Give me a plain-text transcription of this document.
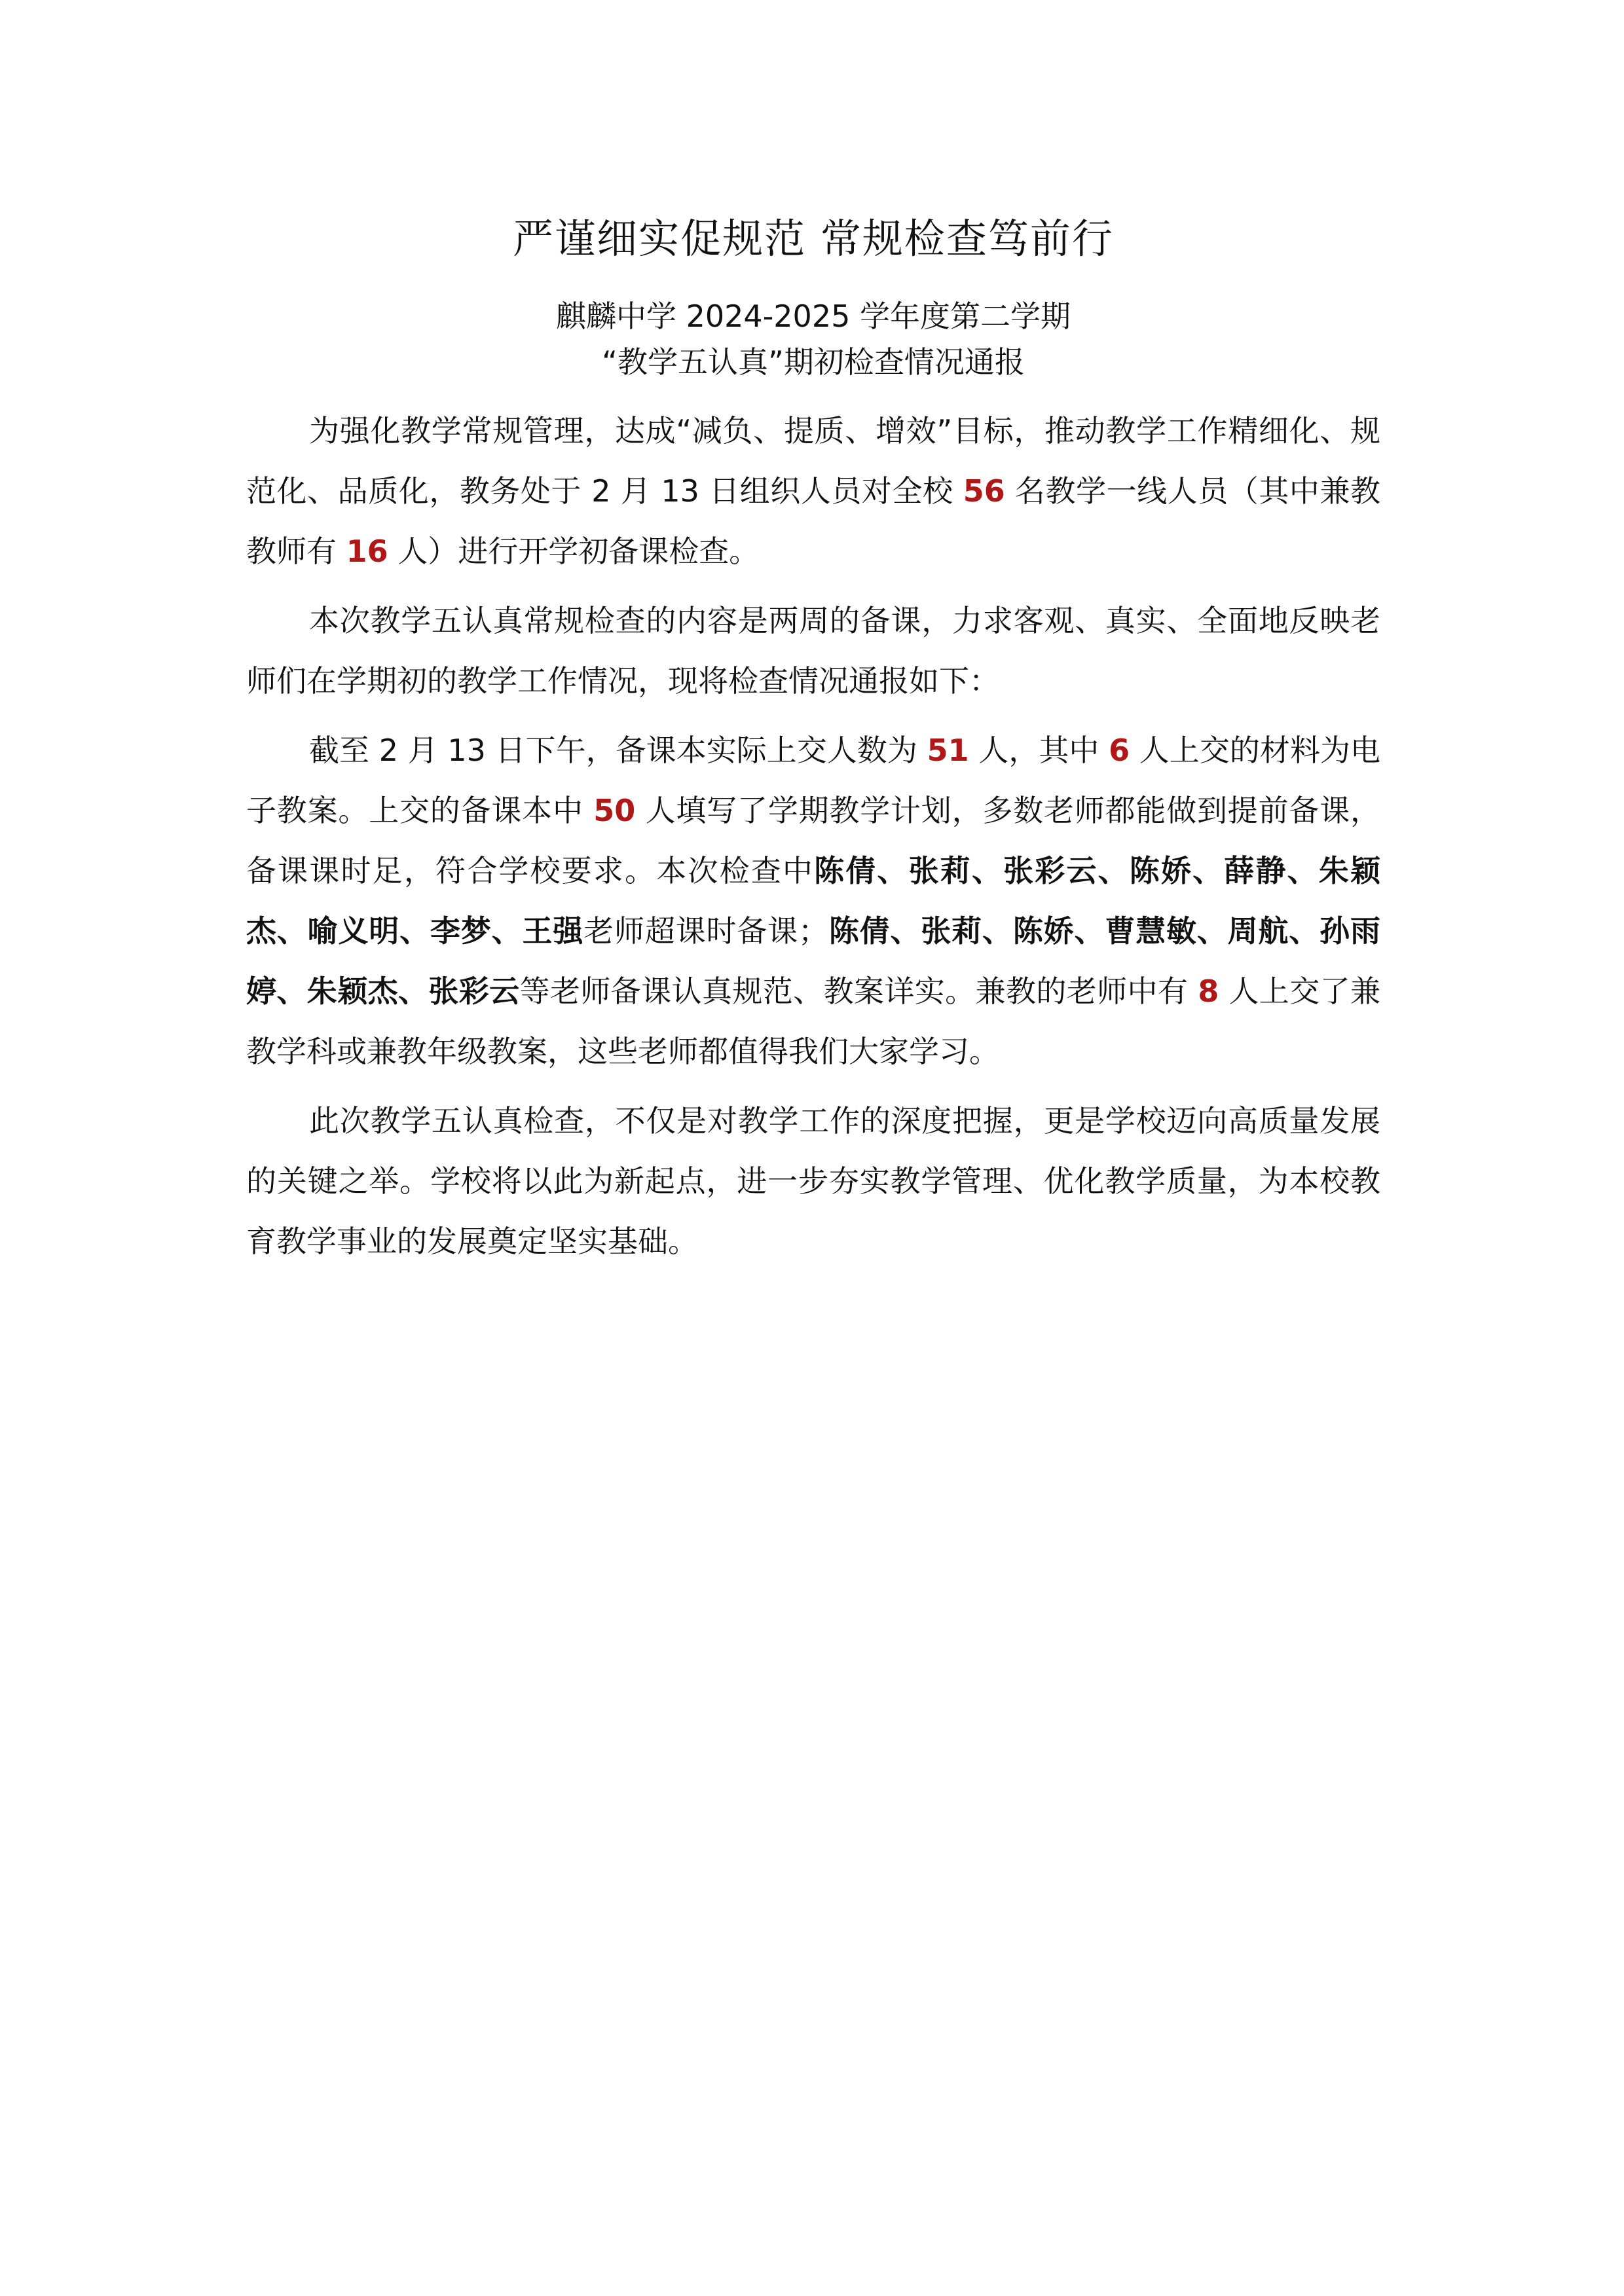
严谨细实促规范 常规检查笃前行

麒麟中学 2024-2025 学年度第二学期

“教学五认真”期初检查情况通报

为强化教学常规管理，达成“减负、提质、增效”目标，推动教学工作精细化、规范化、品质化，教务处于 2 月 13 日组织人员对全校 56 名教学一线人员（其中兼教教师有 16 人）进行开学初备课检查。

本次教学五认真常规检查的内容是两周的备课，力求客观、真实、全面地反映老师们在学期初的教学工作情况，现将检查情况通报如下：

截至 2 月 13 日下午，备课本实际上交人数为 51 人，其中 6 人上交的材料为电子教案。上交的备课本中 50 人填写了学期教学计划，多数老师都能做到提前备课，备课课时足，符合学校要求。本次检查中陈倩、张莉、张彩云、陈娇、薛静、朱颖杰、喻义明、李梦、王强老师超课时备课；陈倩、张莉、陈娇、曹慧敏、周航、孙雨婷、朱颖杰、张彩云等老师备课认真规范、教案详实。兼教的老师中有 8 人上交了兼教学科或兼教年级教案，这些老师都值得我们大家学习。

此次教学五认真检查，不仅是对教学工作的深度把握，更是学校迈向高质量发展的关键之举。学校将以此为新起点，进一步夯实教学管理、优化教学质量，为本校教育教学事业的发展奠定坚实基础。
